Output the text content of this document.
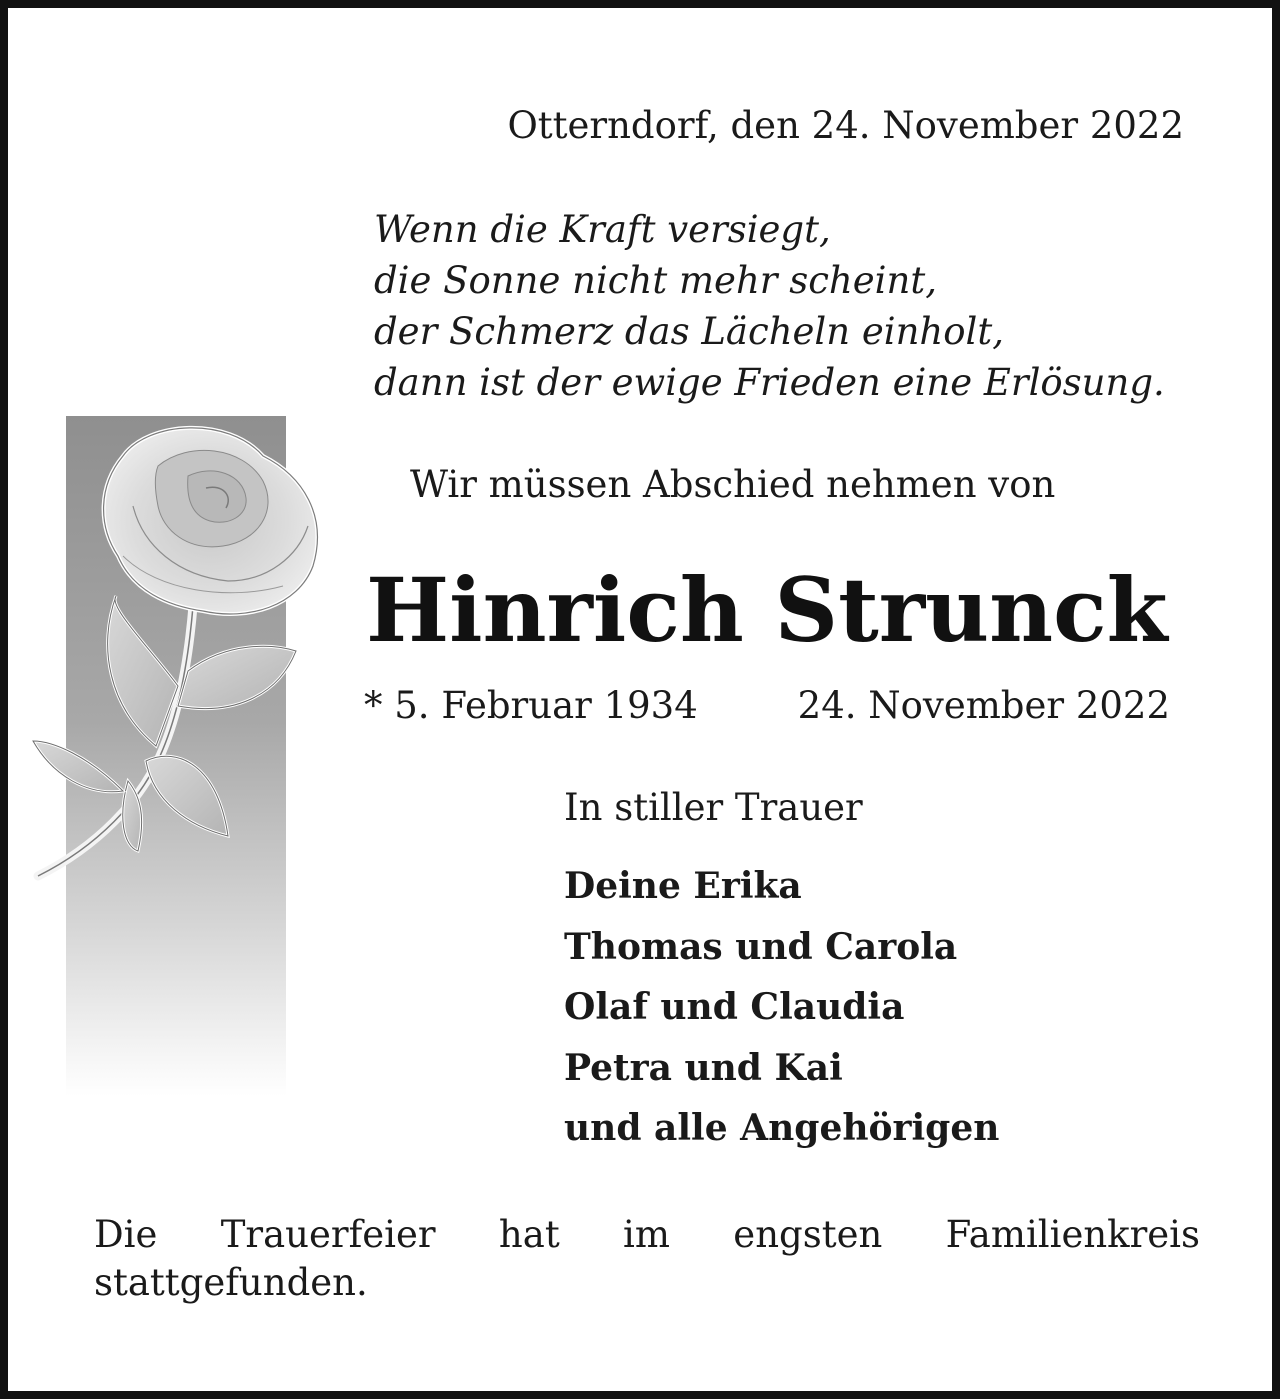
Otterndorf, den 24. November 2022
Wenn die Kraft versiegt,
die Sonne nicht mehr scheint,
der Schmerz das Lächeln einholt,
dann ist der ewige Frieden eine Erlösung.
Wir müssen Abschied nehmen von
Hinrich Strunck
* 5. Februar 1934	24. November 2022
In stiller Trauer
Deine Erika
Thomas und Carola
Olaf und Claudia
Petra und Kai
und alle Angehörigen
Die Trauerfeier hat im engsten Familienkreis stattgefunden.
